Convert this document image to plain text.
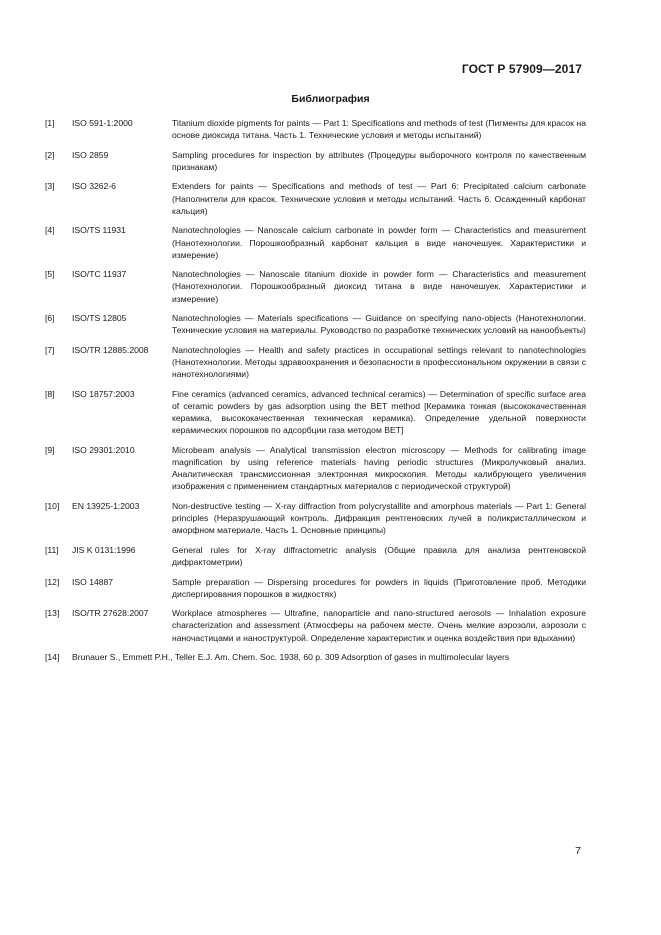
ГОСТ Р 57909—2017
Библиография
[1]	ISO 591-1:2000	Titanium dioxide pigments for paints — Part 1: Specifications and methods of test (Пигменты для красок на основе диоксида титана. Часть 1. Технические условия и методы испытаний)
[2]	ISO 2859	Sampling procedures for inspection by attributes (Процедуры выборочного контроля по качественным признакам)
[3]	ISO 3262-6	Extenders for paints — Specifications and methods of test — Part 6: Precipitated calcium carbonate (Наполнители для красок. Технические условия и методы испытаний. Часть 6. Осажденный карбонат кальция)
[4]	ISO/TS 11931	Nanotechnologies — Nanoscale calcium carbonate in powder form — Characteristics and measurement (Нанотехнологии. Порошкообразный карбонат кальция в виде наночешуек. Характеристики и измерение)
[5]	ISO/TC 11937	Nanotechnologies — Nanoscale titanium dioxide in powder form — Characteristics and measurement (Нанотехнологии. Порошкообразный диоксид титана в виде наночешуек. Характеристики и измерение)
[6]	ISO/TS 12805	Nanotechnologies — Materials specifications — Guidance on specifying nano-objects (Нанотехнологии. Технические условия на материалы. Руководство по разработке технических условий на нанообъекты)
[7]	ISO/TR 12885:2008	Nanotechnologies — Health and safety practices in occupational settings relevant to nanotechnologies (Нанотехнологии. Методы здравоохранения и безопасности в профессиональном окружении в связи с нанотехнологиями)
[8]	ISO 18757:2003	Fine ceramics (advanced ceramics, advanced technical ceramics) — Determination of specific surface area of ceramic powders by gas adsorption using the BET method [Керамика тонкая (высококачественная керамика, высококачественная техническая керамика). Определение удельной поверхности керамических порошков по адсорбции газа методом BET]
[9]	ISO 29301:2010	Microbeam analysis — Analytical transmission electron microscopy — Methods for calibrating image magnification by using reference materials having periodic structures (Микролучковый анализ. Аналитическая трансмиссионная электронная микроскопия. Методы калибрующего увеличения изображения с применением стандартных материалов с периодической структурой)
[10]	EN 13925-1:2003	Non-destructive testing — X-ray diffraction from polycrystallite and amorphous materials — Part 1: General principles (Неразрушающий контроль. Дифракция рентгеновских лучей в поликристаллическом и аморфном материале. Часть 1. Основные принципы)
[11]	JIS K 0131:1996	General rules for X-ray diffractometric analysis (Общие правила для анализа рентгеновской дифрактометрии)
[12]	ISO 14887	Sample preparation — Dispersing procedures for powders in liquids (Приготовление проб. Методики диспергирования порошков в жидкостях)
[13]	ISO/TR 27628:2007	Workplace atmospheres — Ultrafine, nanoparticle and nano-structured aerosols — Inhalation exposure characterization and assessment (Атмосферы на рабочем месте. Очень мелкие аэрозоли, аэрозоли с наночастицами и наноструктурой. Определение характеристик и оценка воздействия при вдыхании)
[14]	Brunauer S., Emmett P.H., Teller E.J. Am. Chem. Soc. 1938, 60 p. 309 Adsorption of gases in multimolecular layers
7
